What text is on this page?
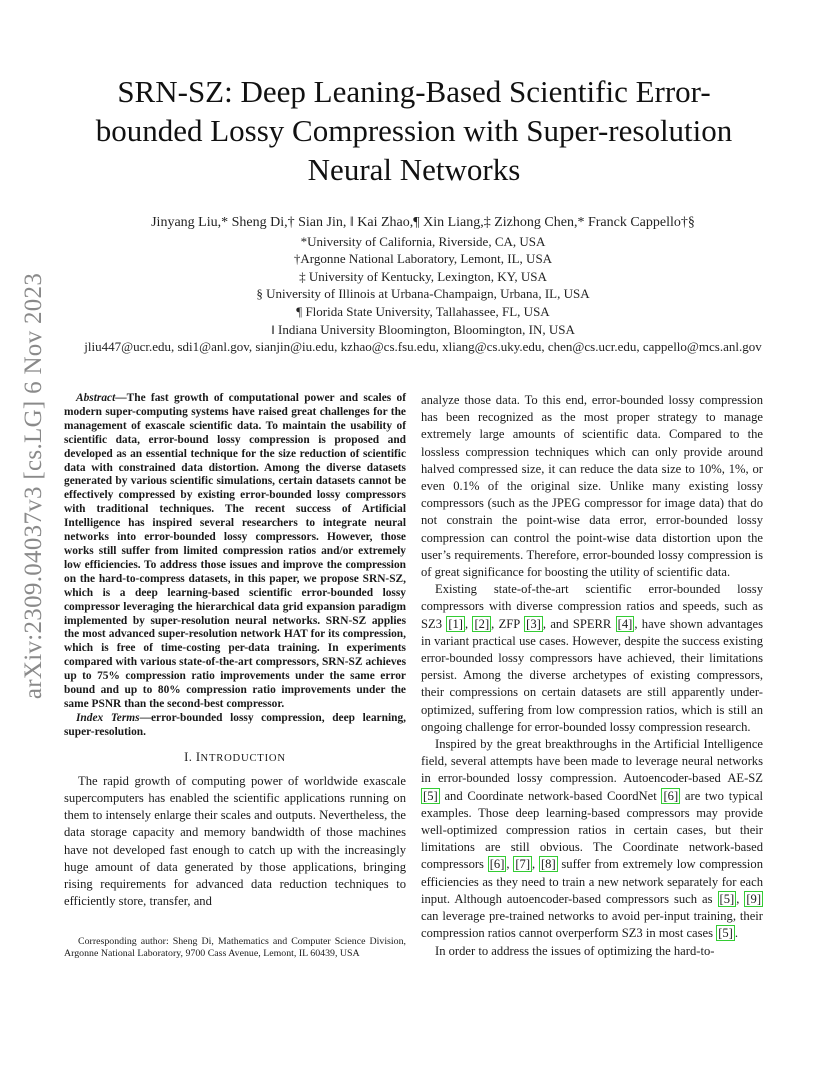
arXiv:2309.04037v3 [cs.LG] 6 Nov 2023
SRN-SZ: Deep Leaning-Based Scientific Error-bounded Lossy Compression with Super-resolution Neural Networks
Jinyang Liu,* Sheng Di,† Sian Jin, ‖ Kai Zhao,¶ Xin Liang,‡ Zizhong Chen,* Franck Cappello†§
*University of California, Riverside, CA, USA
†Argonne National Laboratory, Lemont, IL, USA
‡ University of Kentucky, Lexington, KY, USA
§ University of Illinois at Urbana-Champaign, Urbana, IL, USA
¶ Florida State University, Tallahassee, FL, USA
‖ Indiana University Bloomington, Bloomington, IN, USA
jliu447@ucr.edu, sdi1@anl.gov, sianjin@iu.edu, kzhao@cs.fsu.edu, xliang@cs.uky.edu, chen@cs.ucr.edu, cappello@mcs.anl.gov

Abstract—The fast growth of computational power and scales of modern super-computing systems have raised great challenges for the management of exascale scientific data. To maintain the usability of scientific data, error-bound lossy compression is proposed and developed as an essential technique for the size reduction of scientific data with constrained data distortion. Among the diverse datasets generated by various scientific simulations, certain datasets cannot be effectively compressed by existing error-bounded lossy compressors with traditional techniques. The recent success of Artificial Intelligence has inspired several researchers to integrate neural networks into error-bounded lossy compressors. However, those works still suffer from limited compression ratios and/or extremely low efficiencies. To address those issues and improve the compression on the hard-to-compress datasets, in this paper, we propose SRN-SZ, which is a deep learning-based scientific error-bounded lossy compressor leveraging the hierarchical data grid expansion paradigm implemented by super-resolution neural networks. SRN-SZ applies the most advanced super-resolution network HAT for its compression, which is free of time-costing per-data training. In experiments compared with various state-of-the-art compressors, SRN-SZ achieves up to 75% compression ratio improvements under the same error bound and up to 80% compression ratio improvements under the same PSNR than the second-best compressor.

Index Terms—error-bounded lossy compression, deep learning, super-resolution.

I. INTRODUCTION

The rapid growth of computing power of worldwide exascale supercomputers has enabled the scientific applications running on them to intensely enlarge their scales and outputs. Nevertheless, the data storage capacity and memory bandwidth of those machines have not developed fast enough to catch up with the increasingly huge amount of data generated by those applications, bringing rising requirements for advanced data reduction techniques to efficiently store, transfer, and

Corresponding author: Sheng Di, Mathematics and Computer Science Division, Argonne National Laboratory, 9700 Cass Avenue, Lemont, IL 60439, USA

analyze those data. To this end, error-bounded lossy compression has been recognized as the most proper strategy to manage extremely large amounts of scientific data. Compared to the lossless compression techniques which can only provide around halved compressed size, it can reduce the data size to 10%, 1%, or even 0.1% of the original size. Unlike many existing lossy compressors (such as the JPEG compressor for image data) that do not constrain the point-wise data error, error-bounded lossy compression can control the point-wise data distortion upon the user’s requirements. Therefore, error-bounded lossy compression is of great significance for boosting the utility of scientific data.

Existing state-of-the-art scientific error-bounded lossy compressors with diverse compression ratios and speeds, such as SZ3 [1] , [2] , ZFP [3] , and SPERR [4] , have shown advantages in variant practical use cases. However, despite the success existing error-bounded lossy compressors have achieved, their limitations persist. Among the diverse archetypes of existing compressors, their compressions on certain datasets are still apparently under-optimized, suffering from low compression ratios, which is still an ongoing challenge for error-bounded lossy compression research.

Inspired by the great breakthroughs in the Artificial Intelligence field, several attempts have been made to leverage neural networks in error-bounded lossy compression. Autoencoder-based AE-SZ [5] and Coordinate network-based CoordNet [6] are two typical examples. Those deep learning-based compressors may provide well-optimized compression ratios in certain cases, but their limitations are still obvious. The Coordinate network-based compressors [6] , [7] , [8] suffer from extremely low compression efficiencies as they need to train a new network separately for each input. Although autoencoder-based compressors such as [5] , [9] can leverage pre-trained networks to avoid per-input training, their compression ratios cannot overperform SZ3 in most cases [5] .

In order to address the issues of optimizing the hard-to-
